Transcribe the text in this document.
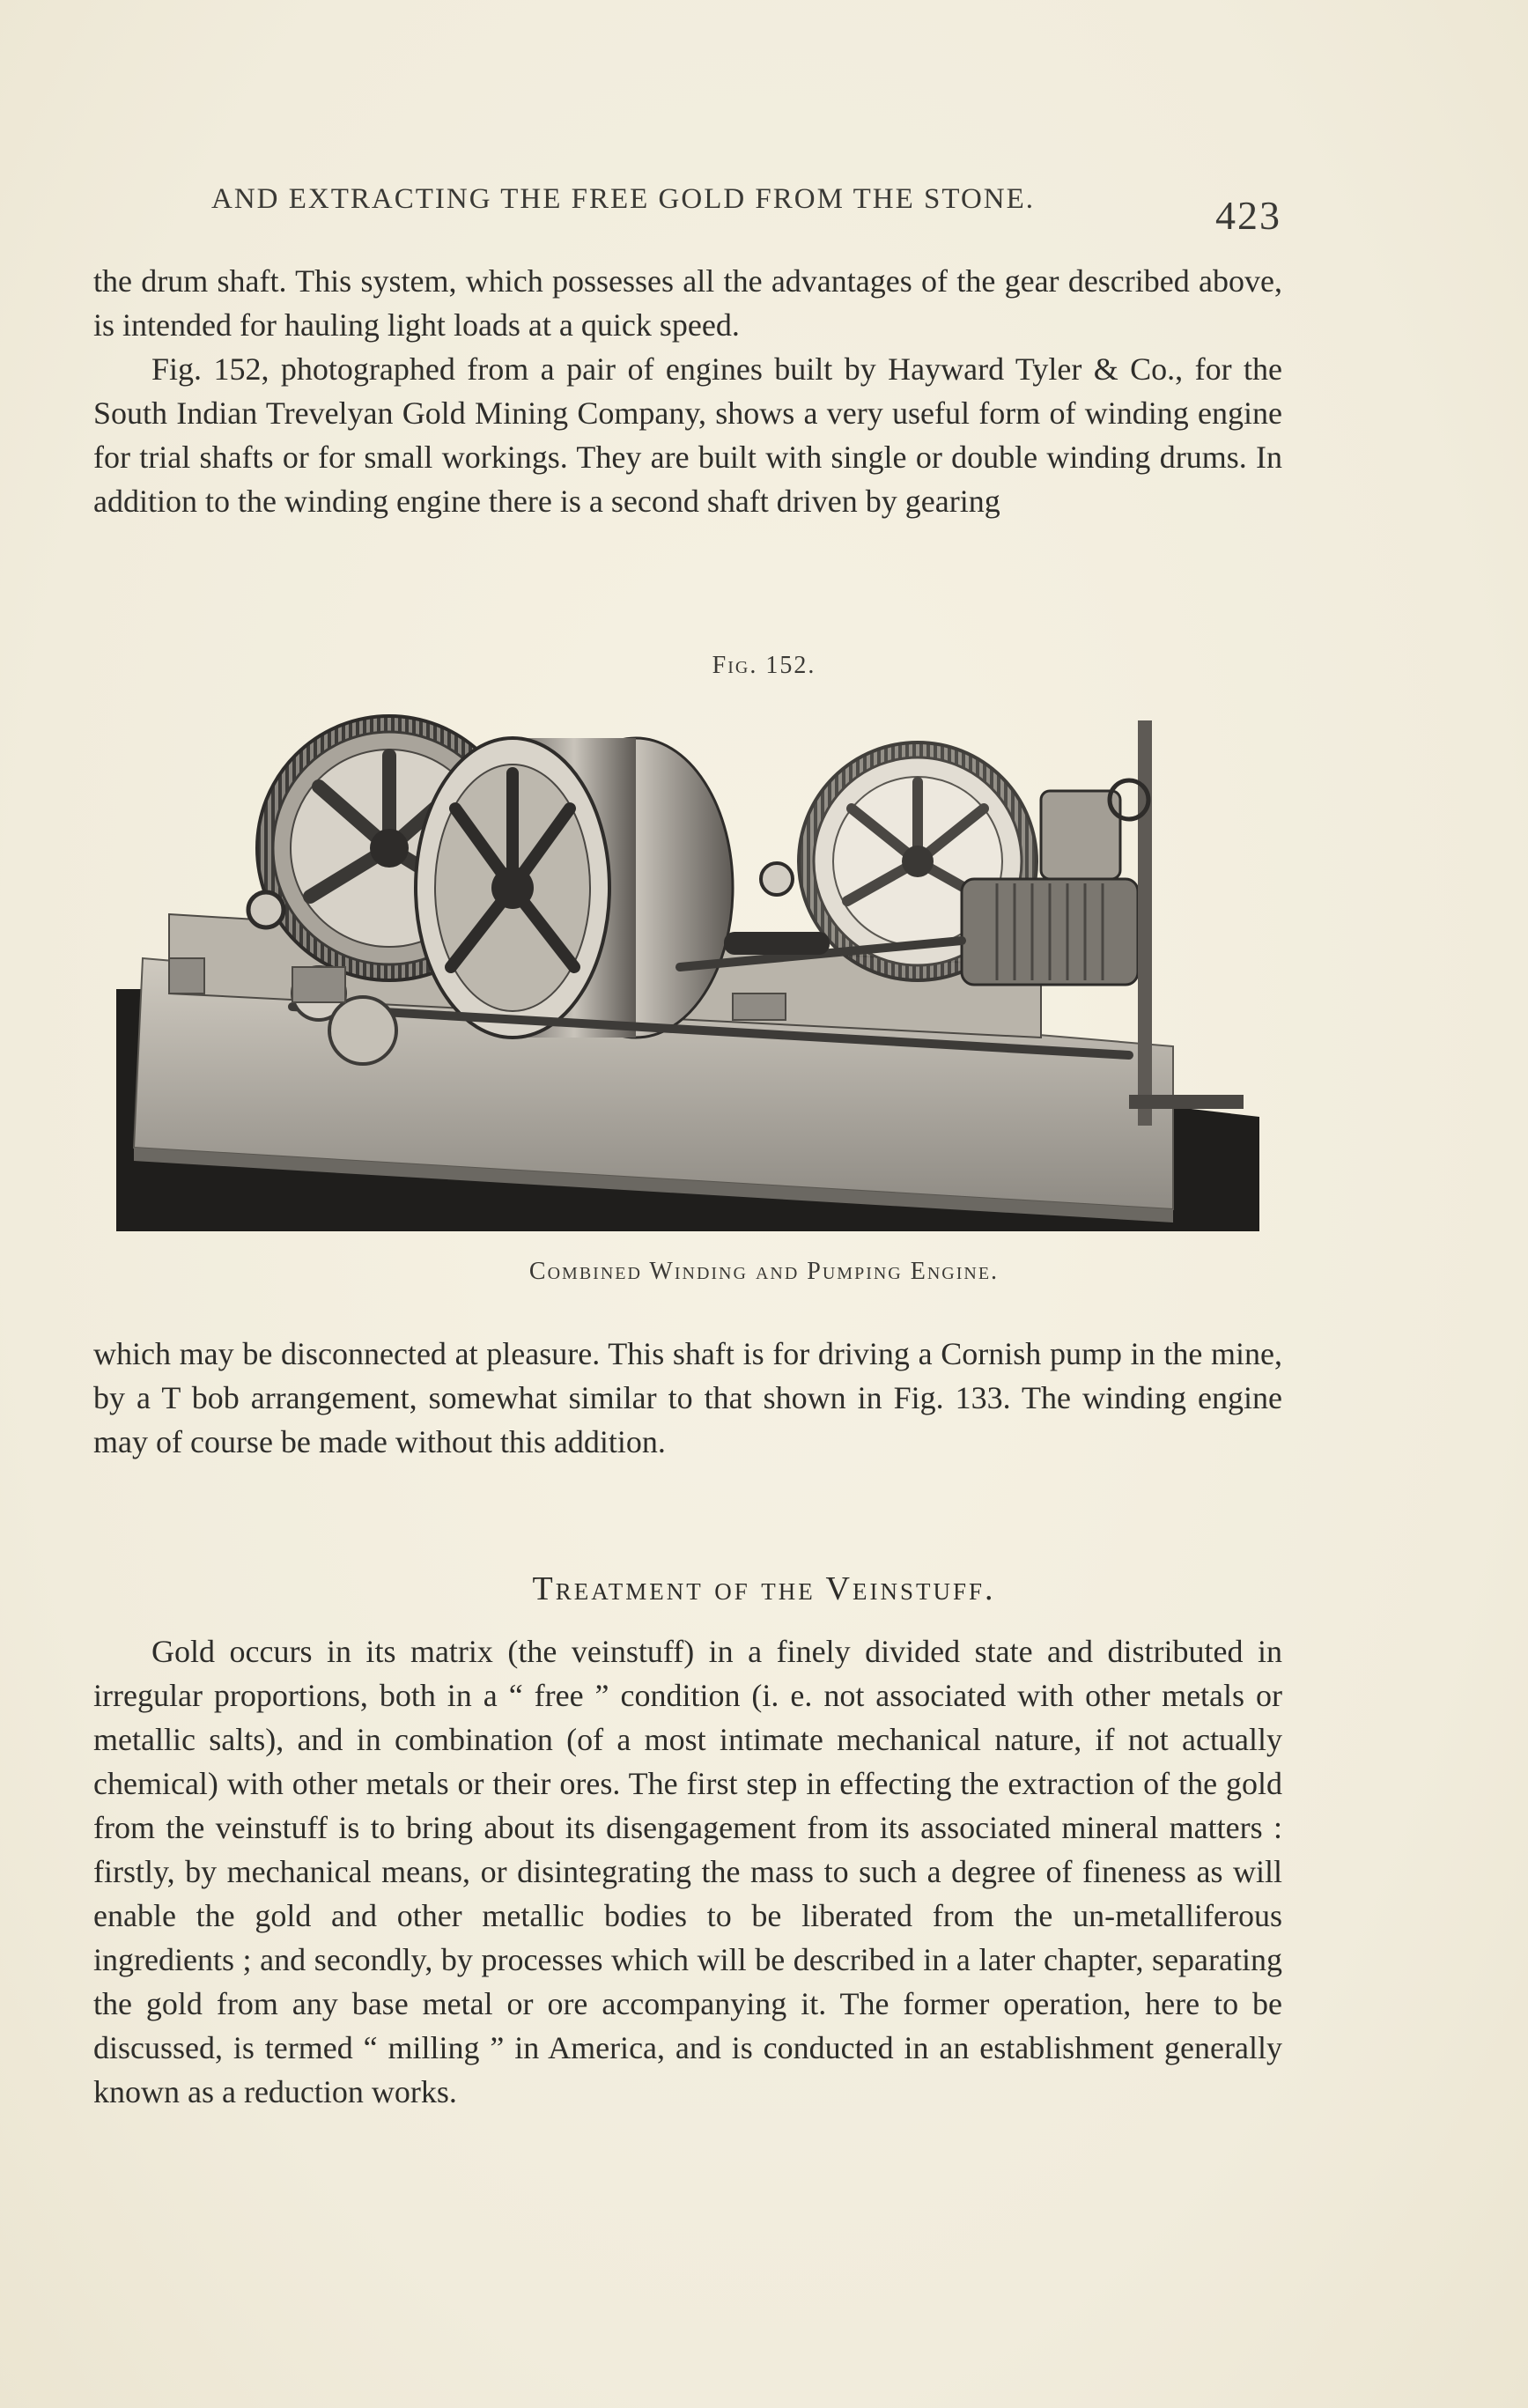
AND EXTRACTING THE FREE GOLD FROM THE STONE.	423

the drum shaft. This system, which possesses all the advantages of the gear described above, is intended for hauling light loads at a quick speed.

Fig. 152, photographed from a pair of engines built by Hayward Tyler & Co., for the South Indian Trevelyan Gold Mining Company, shows a very useful form of winding engine for trial shafts or for small workings. They are built with single or double winding drums. In addition to the winding engine there is a second shaft driven by gearing

Fig. 152.
Combined Winding and Pumping Engine.

which may be disconnected at pleasure. This shaft is for driving a Cornish pump in the mine, by a T bob arrangement, somewhat similar to that shown in Fig. 133. The winding engine may of course be made without this addition.

Treatment of the Veinstuff.

Gold occurs in its matrix (the veinstuff) in a finely divided state and distributed in irregular proportions, both in a “ free ” condition (i. e. not associated with other metals or metallic salts), and in combination (of a most intimate mechanical nature, if not actually chemical) with other metals or their ores. The first step in effecting the extraction of the gold from the veinstuff is to bring about its disengagement from its associated mineral matters : firstly, by mechanical means, or disintegrating the mass to such a degree of fineness as will enable the gold and other metallic bodies to be liberated from the un-metalliferous ingredients ; and secondly, by processes which will be described in a later chapter, separating the gold from any base metal or ore accompanying it. The former operation, here to be discussed, is termed “ milling ” in America, and is conducted in an establishment generally known as a reduction works.
